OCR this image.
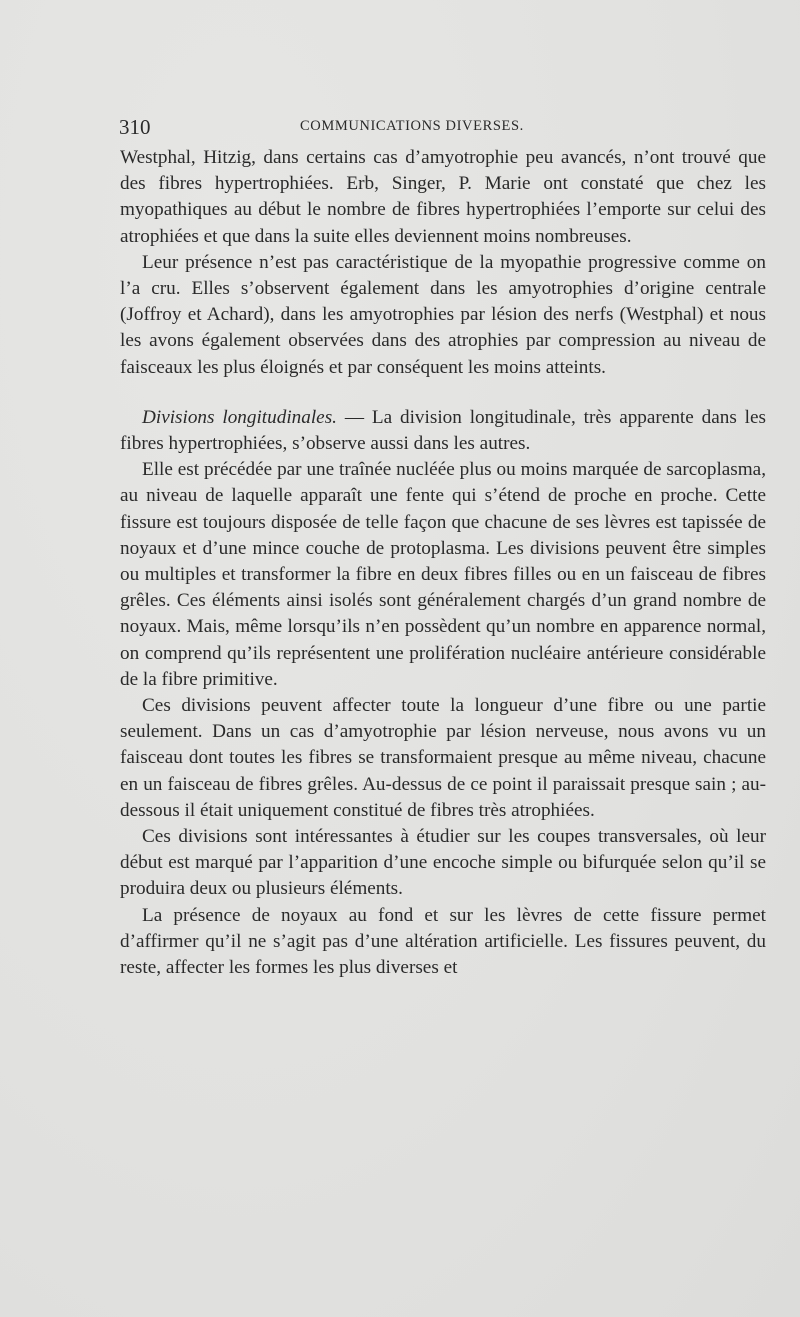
310	COMMUNICATIONS DIVERSES.

Westphal, Hitzig, dans certains cas d’amyotrophie peu avancés, n’ont trouvé que des fibres hypertrophiées. Erb, Singer, P. Marie ont constaté que chez les myopathiques au début le nombre de fibres hypertrophiées l’emporte sur celui des atrophiées et que dans la suite elles deviennent moins nombreuses.

Leur présence n’est pas caractéristique de la myopathie progressive comme on l’a cru. Elles s’observent également dans les amyotrophies d’origine centrale (Joffroy et Achard), dans les amyotrophies par lésion des nerfs (Westphal) et nous les avons également observées dans des atrophies par compression au niveau de faisceaux les plus éloignés et par conséquent les moins atteints.

Divisions longitudinales. — La division longitudinale, très apparente dans les fibres hypertrophiées, s’observe aussi dans les autres.

Elle est précédée par une traînée nucléée plus ou moins marquée de sarcoplasma, au niveau de laquelle apparaît une fente qui s’étend de proche en proche. Cette fissure est toujours disposée de telle façon que chacune de ses lèvres est tapissée de noyaux et d’une mince couche de protoplasma. Les divisions peuvent être simples ou multiples et transformer la fibre en deux fibres filles ou en un faisceau de fibres grêles. Ces éléments ainsi isolés sont généralement chargés d’un grand nombre de noyaux. Mais, même lorsqu’ils n’en possèdent qu’un nombre en apparence normal, on comprend qu’ils représentent une prolifération nucléaire antérieure considérable de la fibre primitive.

Ces divisions peuvent affecter toute la longueur d’une fibre ou une partie seulement. Dans un cas d’amyotrophie par lésion nerveuse, nous avons vu un faisceau dont toutes les fibres se transformaient presque au même niveau, chacune en un faisceau de fibres grêles. Au-dessus de ce point il paraissait presque sain ; au-dessous il était uniquement constitué de fibres très atrophiées.

Ces divisions sont intéressantes à étudier sur les coupes transversales, où leur début est marqué par l’apparition d’une encoche simple ou bifurquée selon qu’il se produira deux ou plusieurs éléments.

La présence de noyaux au fond et sur les lèvres de cette fissure permet d’affirmer qu’il ne s’agit pas d’une altération artificielle. Les fissures peuvent, du reste, affecter les formes les plus diverses et
